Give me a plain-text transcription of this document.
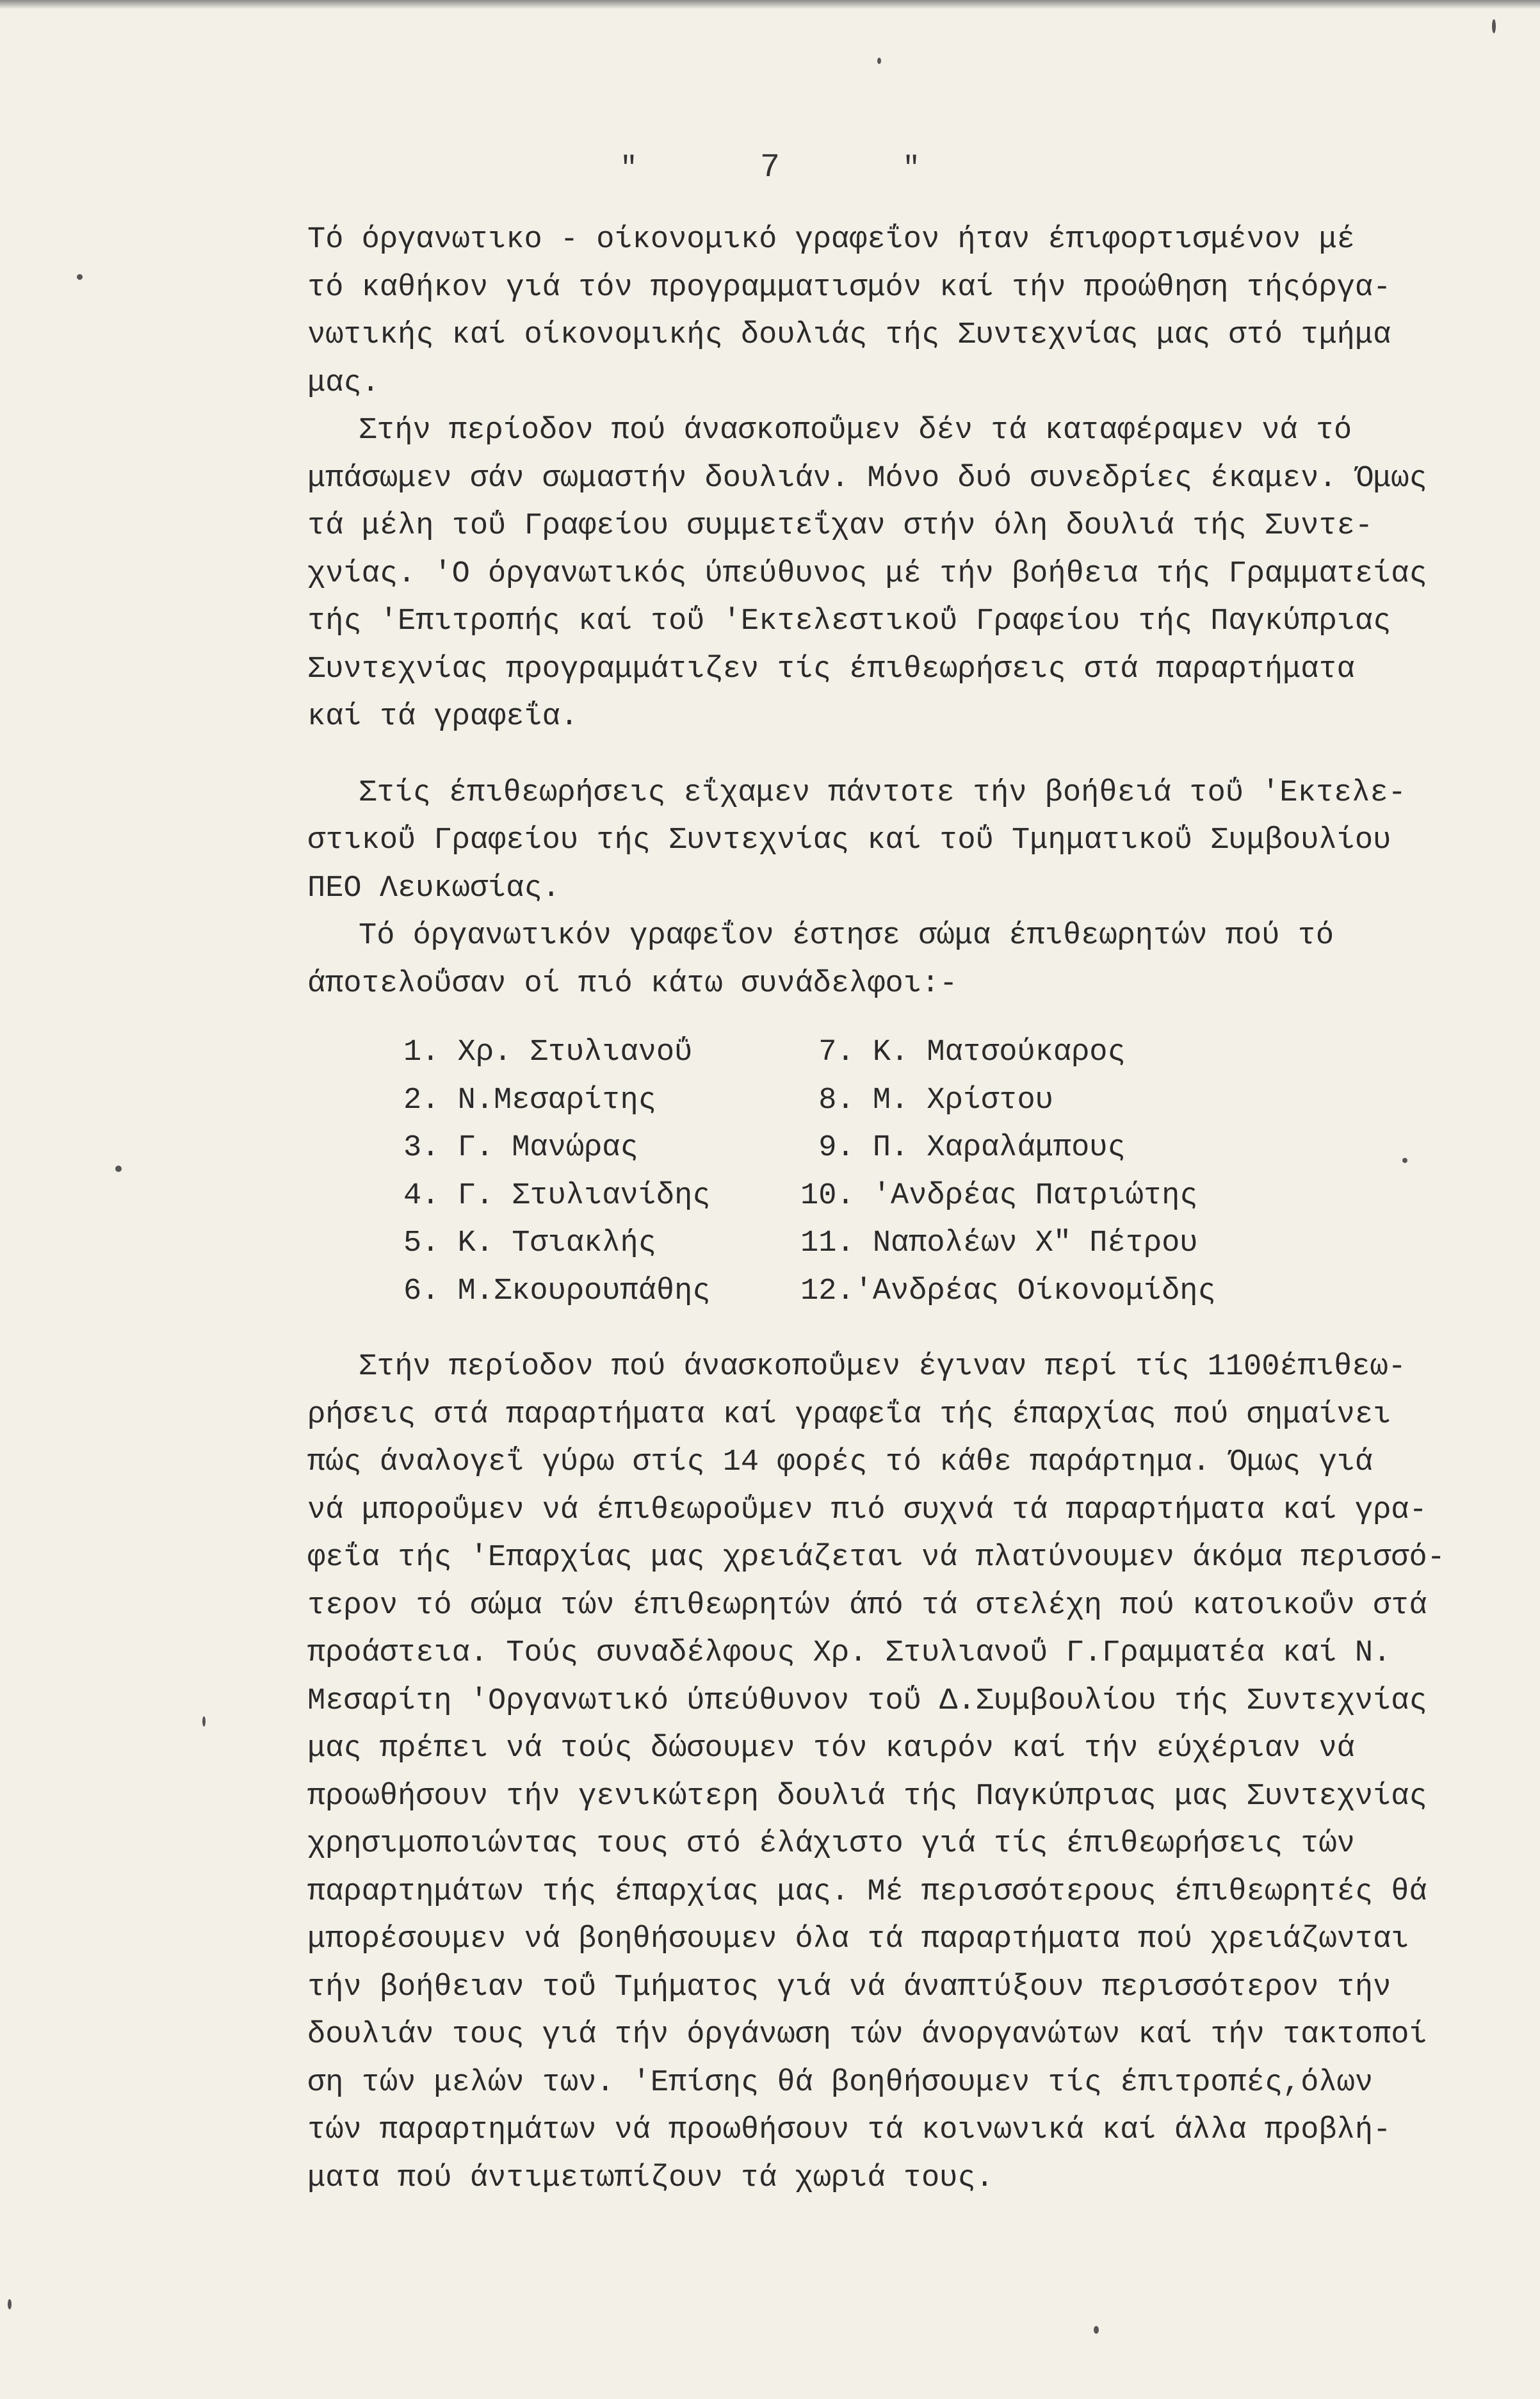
"	7	"
Τό όργανωτικο - οίκονομικό γραφεΐον ήταν έπιφορτισμένον μέ
τό καθήκον γιά τόν προγραμματισμόν καί τήν προώθηση τήςόργα-
νωτικής καί οίκονομικής δουλιάς τής Συντεχνίας μας στό τμήμα
μας.
Στήν περίοδον πού άνασκοποΰμεν δέν τά καταφέραμεν νά τό
μπάσωμεν σάν σωμαστήν δουλιάν. Μόνο δυό συνεδρίες έκαμεν. Όμως
τά μέλη τοΰ Γραφείου συμμετεΐχαν στήν όλη δουλιά τής Συντε-
χνίας. 'Ο όργανωτικός ύπεύθυνος μέ τήν βοήθεια τής Γραμματείας
τής 'Επιτροπής καί τοΰ 'Εκτελεστικοΰ Γραφείου τής Παγκύπριας
Συντεχνίας προγραμμάτιζεν τίς έπιθεωρήσεις στά παραρτήματα
καί τά γραφεΐα.
Στίς έπιθεωρήσεις εΐχαμεν πάντοτε τήν βοήθειά τοΰ 'Εκτελε-
στικοΰ Γραφείου τής Συντεχνίας καί τοΰ Τμηματικοΰ Συμβουλίου
ΠΕΟ Λευκωσίας.
Τό όργανωτικόν γραφεΐον έστησε σώμα έπιθεωρητών πού τό
άποτελοΰσαν οί πιό κάτω συνάδελφοι:-
1. Χρ. Στυλιανοΰ	7. Κ. Ματσούκαρος
2. Ν.Μεσαρίτης	8. Μ. Χρίστου
3. Γ. Μανώρας	9. Π. Χαραλάμπους
4. Γ. Στυλιανίδης	10. 'Ανδρέας Πατριώτης
5. Κ. Τσιακλής	11. Ναπολέων Χ" Πέτρου
6. Μ.Σκουρουπάθης	12.'Ανδρέας Οίκονομίδης
Στήν περίοδον πού άνασκοποΰμεν έγιναν περί τίς 1100έπιθεω-
ρήσεις στά παραρτήματα καί γραφεΐα τής έπαρχίας πού σημαίνει
πώς άναλογεΐ γύρω στίς 14 φορές τό κάθε παράρτημα. Όμως γιά
νά μποροΰμεν νά έπιθεωροΰμεν πιό συχνά τά παραρτήματα καί γρα-
φεΐα τής 'Επαρχίας μας χρειάζεται νά πλατύνουμεν άκόμα περισσό-
τερον τό σώμα τών έπιθεωρητών άπό τά στελέχη πού κατοικοΰν στά
προάστεια. Τούς συναδέλφους Χρ. Στυλιανοΰ Γ.Γραμματέα καί Ν.
Μεσαρίτη 'Οργανωτικό ύπεύθυνον τοΰ Δ.Συμβουλίου τής Συντεχνίας
μας πρέπει νά τούς δώσουμεν τόν καιρόν καί τήν εύχέριαν νά
προωθήσουν τήν γενικώτερη δουλιά τής Παγκύπριας μας Συντεχνίας
χρησιμοποιώντας τους στό έλάχιστο γιά τίς έπιθεωρήσεις τών
παραρτημάτων τής έπαρχίας μας. Μέ περισσότερους έπιθεωρητές θά
μπορέσουμεν νά βοηθήσουμεν όλα τά παραρτήματα πού χρειάζωνται
τήν βοήθειαν τοΰ Τμήματος γιά νά άναπτύξουν περισσότερον τήν
δουλιάν τους γιά τήν όργάνωση τών άνοργανώτων καί τήν τακτοποί
ση τών μελών των. 'Επίσης θά βοηθήσουμεν τίς έπιτροπές,όλων
τών παραρτημάτων νά προωθήσουν τά κοινωνικά καί άλλα προβλή-
ματα πού άντιμετωπίζουν τά χωριά τους.
